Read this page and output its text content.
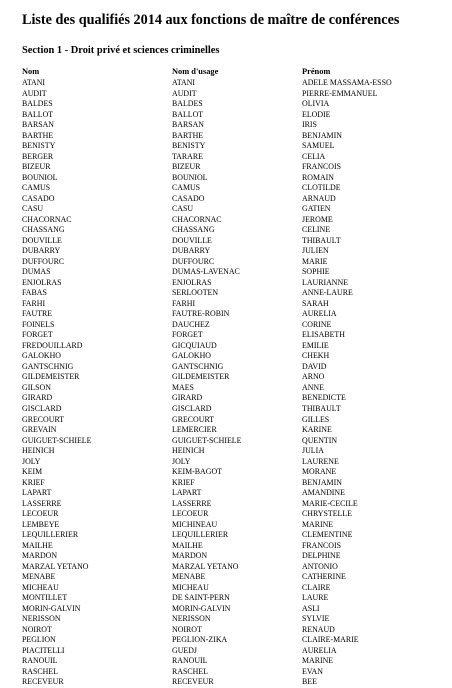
Liste des qualifiés 2014 aux fonctions de maître de conférences
Section 1 - Droit privé et sciences criminelles
Nom	Nom d'usage	Prénom
ATANI	ATANI	ADELE MASSAMA-ESSO
AUDIT	AUDIT	PIERRE-EMMANUEL
BALDES	BALDES	OLIVIA
BALLOT	BALLOT	ELODIE
BARSAN	BARSAN	IRIS
BARTHE	BARTHE	BENJAMIN
BENISTY	BENISTY	SAMUEL
BERGER	TARARE	CELIA
BIZEUR	BIZEUR	FRANCOIS
BOUNIOL	BOUNIOL	ROMAIN
CAMUS	CAMUS	CLOTILDE
CASADO	CASADO	ARNAUD
CASU	CASU	GATIEN
CHACORNAC	CHACORNAC	JEROME
CHASSANG	CHASSANG	CELINE
DOUVILLE	DOUVILLE	THIBAULT
DUBARRY	DUBARRY	JULIEN
DUFFOURC	DUFFOURC	MARIE
DUMAS	DUMAS-LAVENAC	SOPHIE
ENJOLRAS	ENJOLRAS	LAURIANNE
FABAS	SERLOOTEN	ANNE-LAURE
FARHI	FARHI	SARAH
FAUTRE	FAUTRE-ROBIN	AURELIA
FOINELS	DAUCHEZ	CORINE
FORGET	FORGET	ELISABETH
FREDOUILLARD	GICQUIAUD	EMILIE
GALOKHO	GALOKHO	CHEKH
GANTSCHNIG	GANTSCHNIG	DAVID
GILDEMEISTER	GILDEMEISTER	ARNO
GILSON	MAES	ANNE
GIRARD	GIRARD	BENEDICTE
GISCLARD	GISCLARD	THIBAULT
GRECOURT	GRECOURT	GILLES
GREVAIN	LEMERCIER	KARINE
GUIGUET-SCHIELE	GUIGUET-SCHIELE	QUENTIN
HEINICH	HEINICH	JULIA
JOLY	JOLY	LAURENE
KEIM	KEIM-BAGOT	MORANE
KRIEF	KRIEF	BENJAMIN
LAPART	LAPART	AMANDINE
LASSERRE	LASSERRE	MARIE-CECILE
LECOEUR	LECOEUR	CHRYSTELLE
LEMBEYE	MICHINEAU	MARINE
LEQUILLERIER	LEQUILLERIER	CLEMENTINE
MAILHE	MAILHE	FRANCOIS
MARDON	MARDON	DELPHINE
MARZAL YETANO	MARZAL YETANO	ANTONIO
MENABE	MENABE	CATHERINE
MICHEAU	MICHEAU	CLAIRE
MONTILLET	DE SAINT-PERN	LAURE
MORIN-GALVIN	MORIN-GALVIN	ASLI
NERISSON	NERISSON	SYLVIE
NOIROT	NOIROT	RENAUD
PEGLION	PEGLION-ZIKA	CLAIRE-MARIE
PIACITELLI	GUEDJ	AURELIA
RANOUIL	RANOUIL	MARINE
RASCHEL	RASCHEL	EVAN
RECEVEUR	RECEVEUR	BEE
